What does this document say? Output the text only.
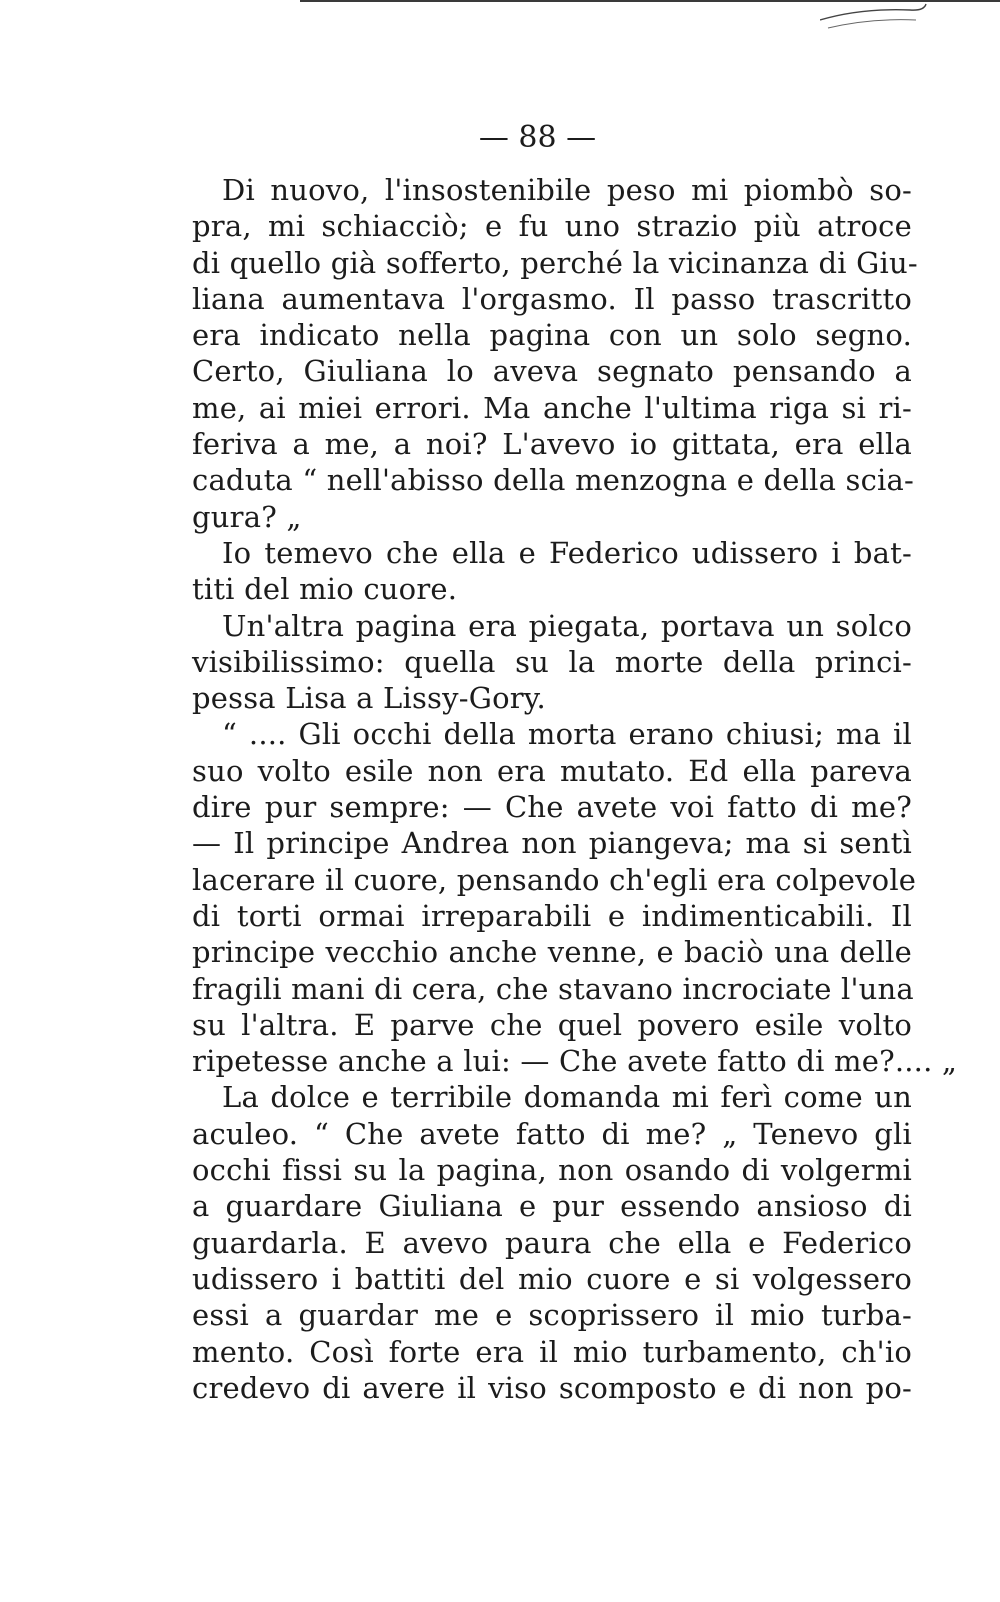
— 88 —
Di nuovo, l'insostenibile peso mi piombò so-
pra, mi schiacciò; e fu uno strazio più atroce
di quello già sofferto, perché la vicinanza di Giu-
liana aumentava l'orgasmo. Il passo trascritto
era indicato nella pagina con un solo segno.
Certo, Giuliana lo aveva segnato pensando a
me, ai miei errori. Ma anche l'ultima riga si ri-
feriva a me, a noi? L'avevo io gittata, era ella
caduta “ nell'abisso della menzogna e della scia-
gura? „
Io temevo che ella e Federico udissero i bat-
titi del mio cuore.
Un'altra pagina era piegata, portava un solco
visibilissimo: quella su la morte della princi-
pessa Lisa a Lissy-Gory.
“ .... Gli occhi della morta erano chiusi; ma il
suo volto esile non era mutato. Ed ella pareva
dire pur sempre: — Che avete voi fatto di me?
— Il principe Andrea non piangeva; ma si sentì
lacerare il cuore, pensando ch'egli era colpevole
di torti ormai irreparabili e indimenticabili. Il
principe vecchio anche venne, e baciò una delle
fragili mani di cera, che stavano incrociate l'una
su l'altra. E parve che quel povero esile volto
ripetesse anche a lui: — Che avete fatto di me?.... „
La dolce e terribile domanda mi ferì come un
aculeo. “ Che avete fatto di me? „ Tenevo gli
occhi fissi su la pagina, non osando di volgermi
a guardare Giuliana e pur essendo ansioso di
guardarla. E avevo paura che ella e Federico
udissero i battiti del mio cuore e si volgessero
essi a guardar me e scoprissero il mio turba-
mento. Così forte era il mio turbamento, ch'io
credevo di avere il viso scomposto e di non po-
